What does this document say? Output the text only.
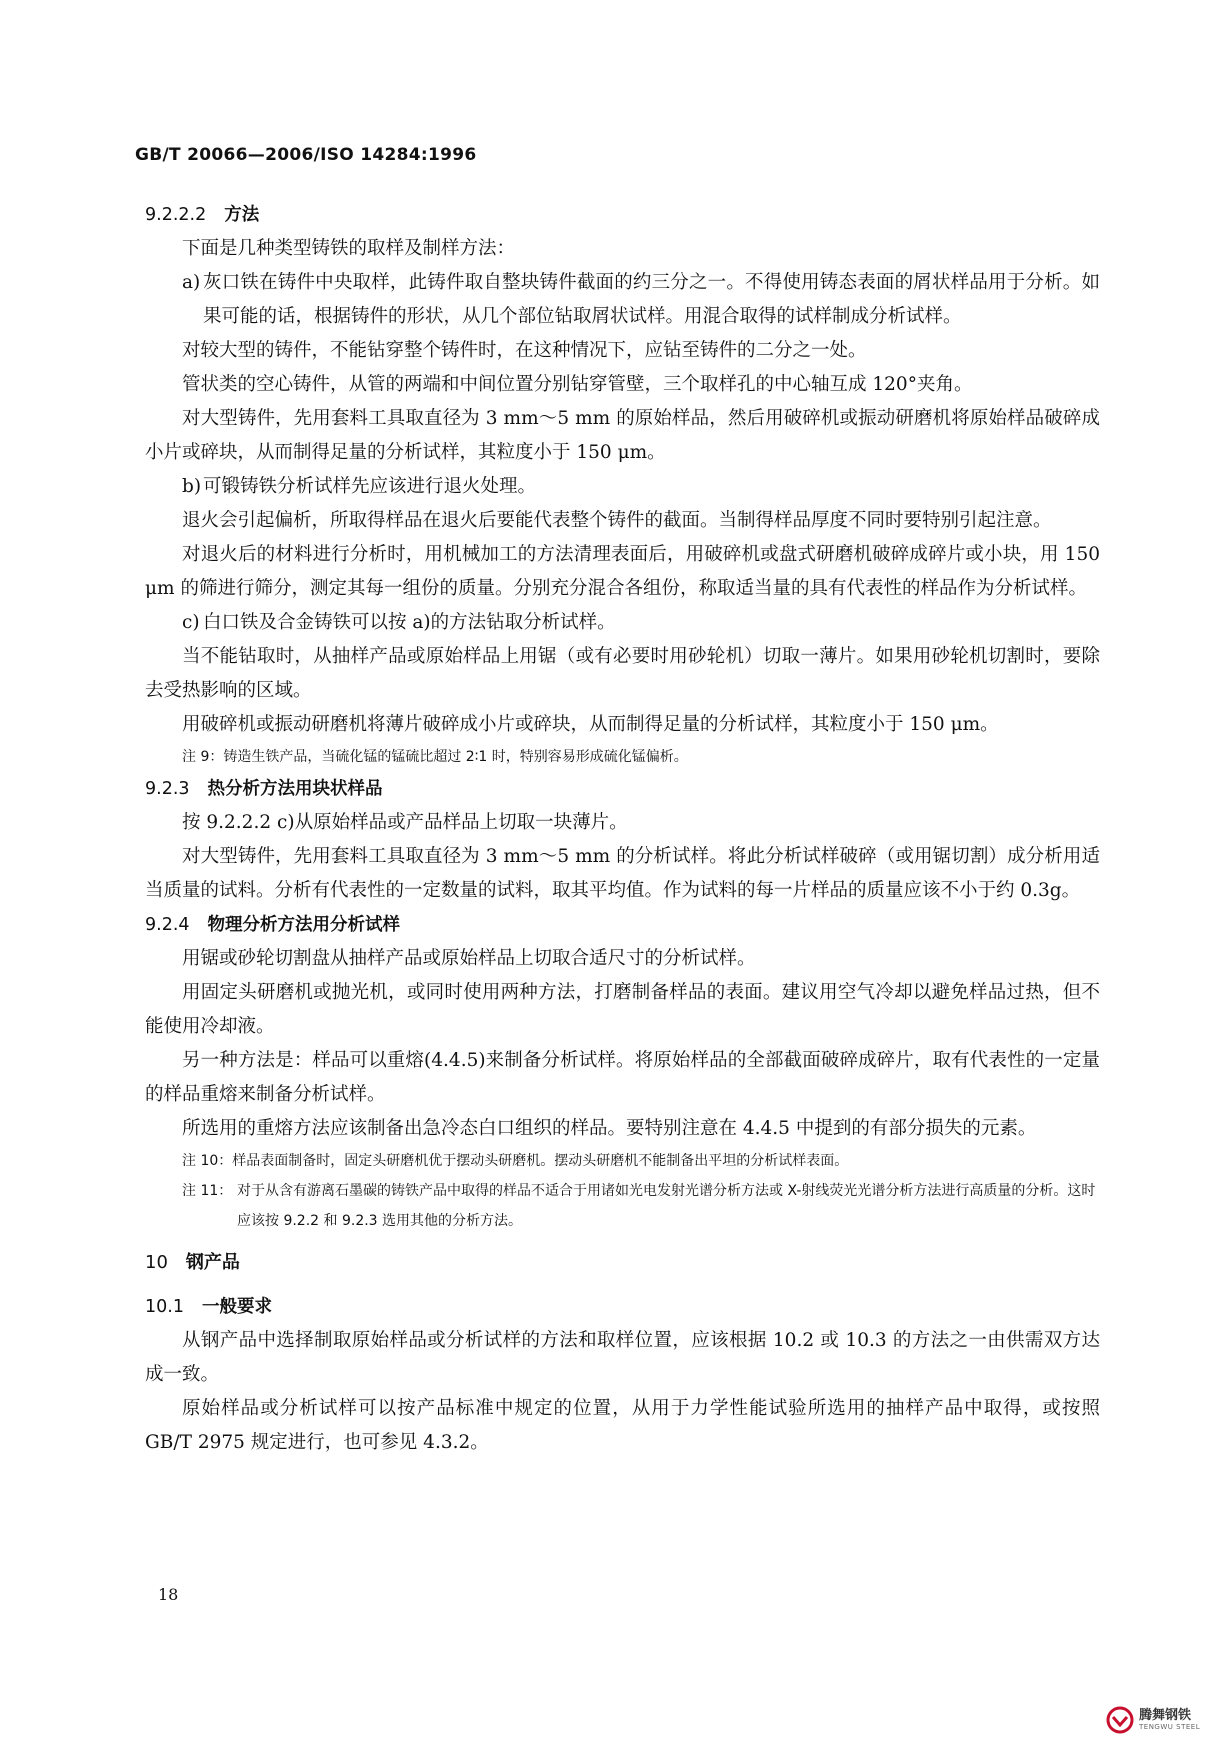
GB/T 20066—2006/ISO 14284:1996
9.2.2.2 方法
下面是几种类型铸铁的取样及制样方法：
a) 灰口铁在铸件中央取样，此铸件取自整块铸件截面的约三分之一。不得使用铸态表面的屑状样品用于分析。如果可能的话，根据铸件的形状，从几个部位钻取屑状试样。用混合取得的试样制成分析试样。
对较大型的铸件，不能钻穿整个铸件时，在这种情况下，应钻至铸件的二分之一处。
管状类的空心铸件，从管的两端和中间位置分别钻穿管壁，三个取样孔的中心轴互成 120°夹角。
对大型铸件，先用套料工具取直径为 3 mm～5 mm 的原始样品，然后用破碎机或振动研磨机将原始样品破碎成小片或碎块，从而制得足量的分析试样，其粒度小于 150 μm。
b) 可锻铸铁分析试样先应该进行退火处理。
退火会引起偏析，所取得样品在退火后要能代表整个铸件的截面。当制得样品厚度不同时要特别引起注意。
对退火后的材料进行分析时，用机械加工的方法清理表面后，用破碎机或盘式研磨机破碎成碎片或小块，用 150 μm 的筛进行筛分，测定其每一组份的质量。分别充分混合各组份，称取适当量的具有代表性的样品作为分析试样。
c) 白口铁及合金铸铁可以按 a)的方法钻取分析试样。
当不能钻取时，从抽样产品或原始样品上用锯（或有必要时用砂轮机）切取一薄片。如果用砂轮机切割时，要除去受热影响的区域。
用破碎机或振动研磨机将薄片破碎成小片或碎块，从而制得足量的分析试样，其粒度小于 150 μm。
注 9：铸造生铁产品，当硫化锰的锰硫比超过 2∶1 时，特别容易形成硫化锰偏析。
9.2.3 热分析方法用块状样品
按 9.2.2.2 c)从原始样品或产品样品上切取一块薄片。
对大型铸件，先用套料工具取直径为 3 mm～5 mm 的分析试样。将此分析试样破碎（或用锯切割）成分析用适当质量的试料。分析有代表性的一定数量的试料，取其平均值。作为试料的每一片样品的质量应该不小于约 0.3g。
9.2.4 物理分析方法用分析试样
用锯或砂轮切割盘从抽样产品或原始样品上切取合适尺寸的分析试样。
用固定头研磨机或抛光机，或同时使用两种方法，打磨制备样品的表面。建议用空气冷却以避免样品过热，但不能使用冷却液。
另一种方法是：样品可以重熔(4.4.5)来制备分析试样。将原始样品的全部截面破碎成碎片，取有代表性的一定量的样品重熔来制备分析试样。
所选用的重熔方法应该制备出急冷态白口组织的样品。要特别注意在 4.4.5 中提到的有部分损失的元素。
注 10：样品表面制备时，固定头研磨机优于摆动头研磨机。摆动头研磨机不能制备出平坦的分析试样表面。
注 11： 对于从含有游离石墨碳的铸铁产品中取得的样品不适合于用诸如光电发射光谱分析方法或 X-射线荧光光谱分析方法进行高质量的分析。这时应该按 9.2.2 和 9.2.3 选用其他的分析方法。
10 钢产品
10.1 一般要求
从钢产品中选择制取原始样品或分析试样的方法和取样位置，应该根据 10.2 或 10.3 的方法之一由供需双方达成一致。
原始样品或分析试样可以按产品标准中规定的位置，从用于力学性能试验所选用的抽样产品中取得，或按照 GB/T 2975 规定进行，也可参见 4.3.2。
18
腾舞钢铁
TENGWU STEEL
